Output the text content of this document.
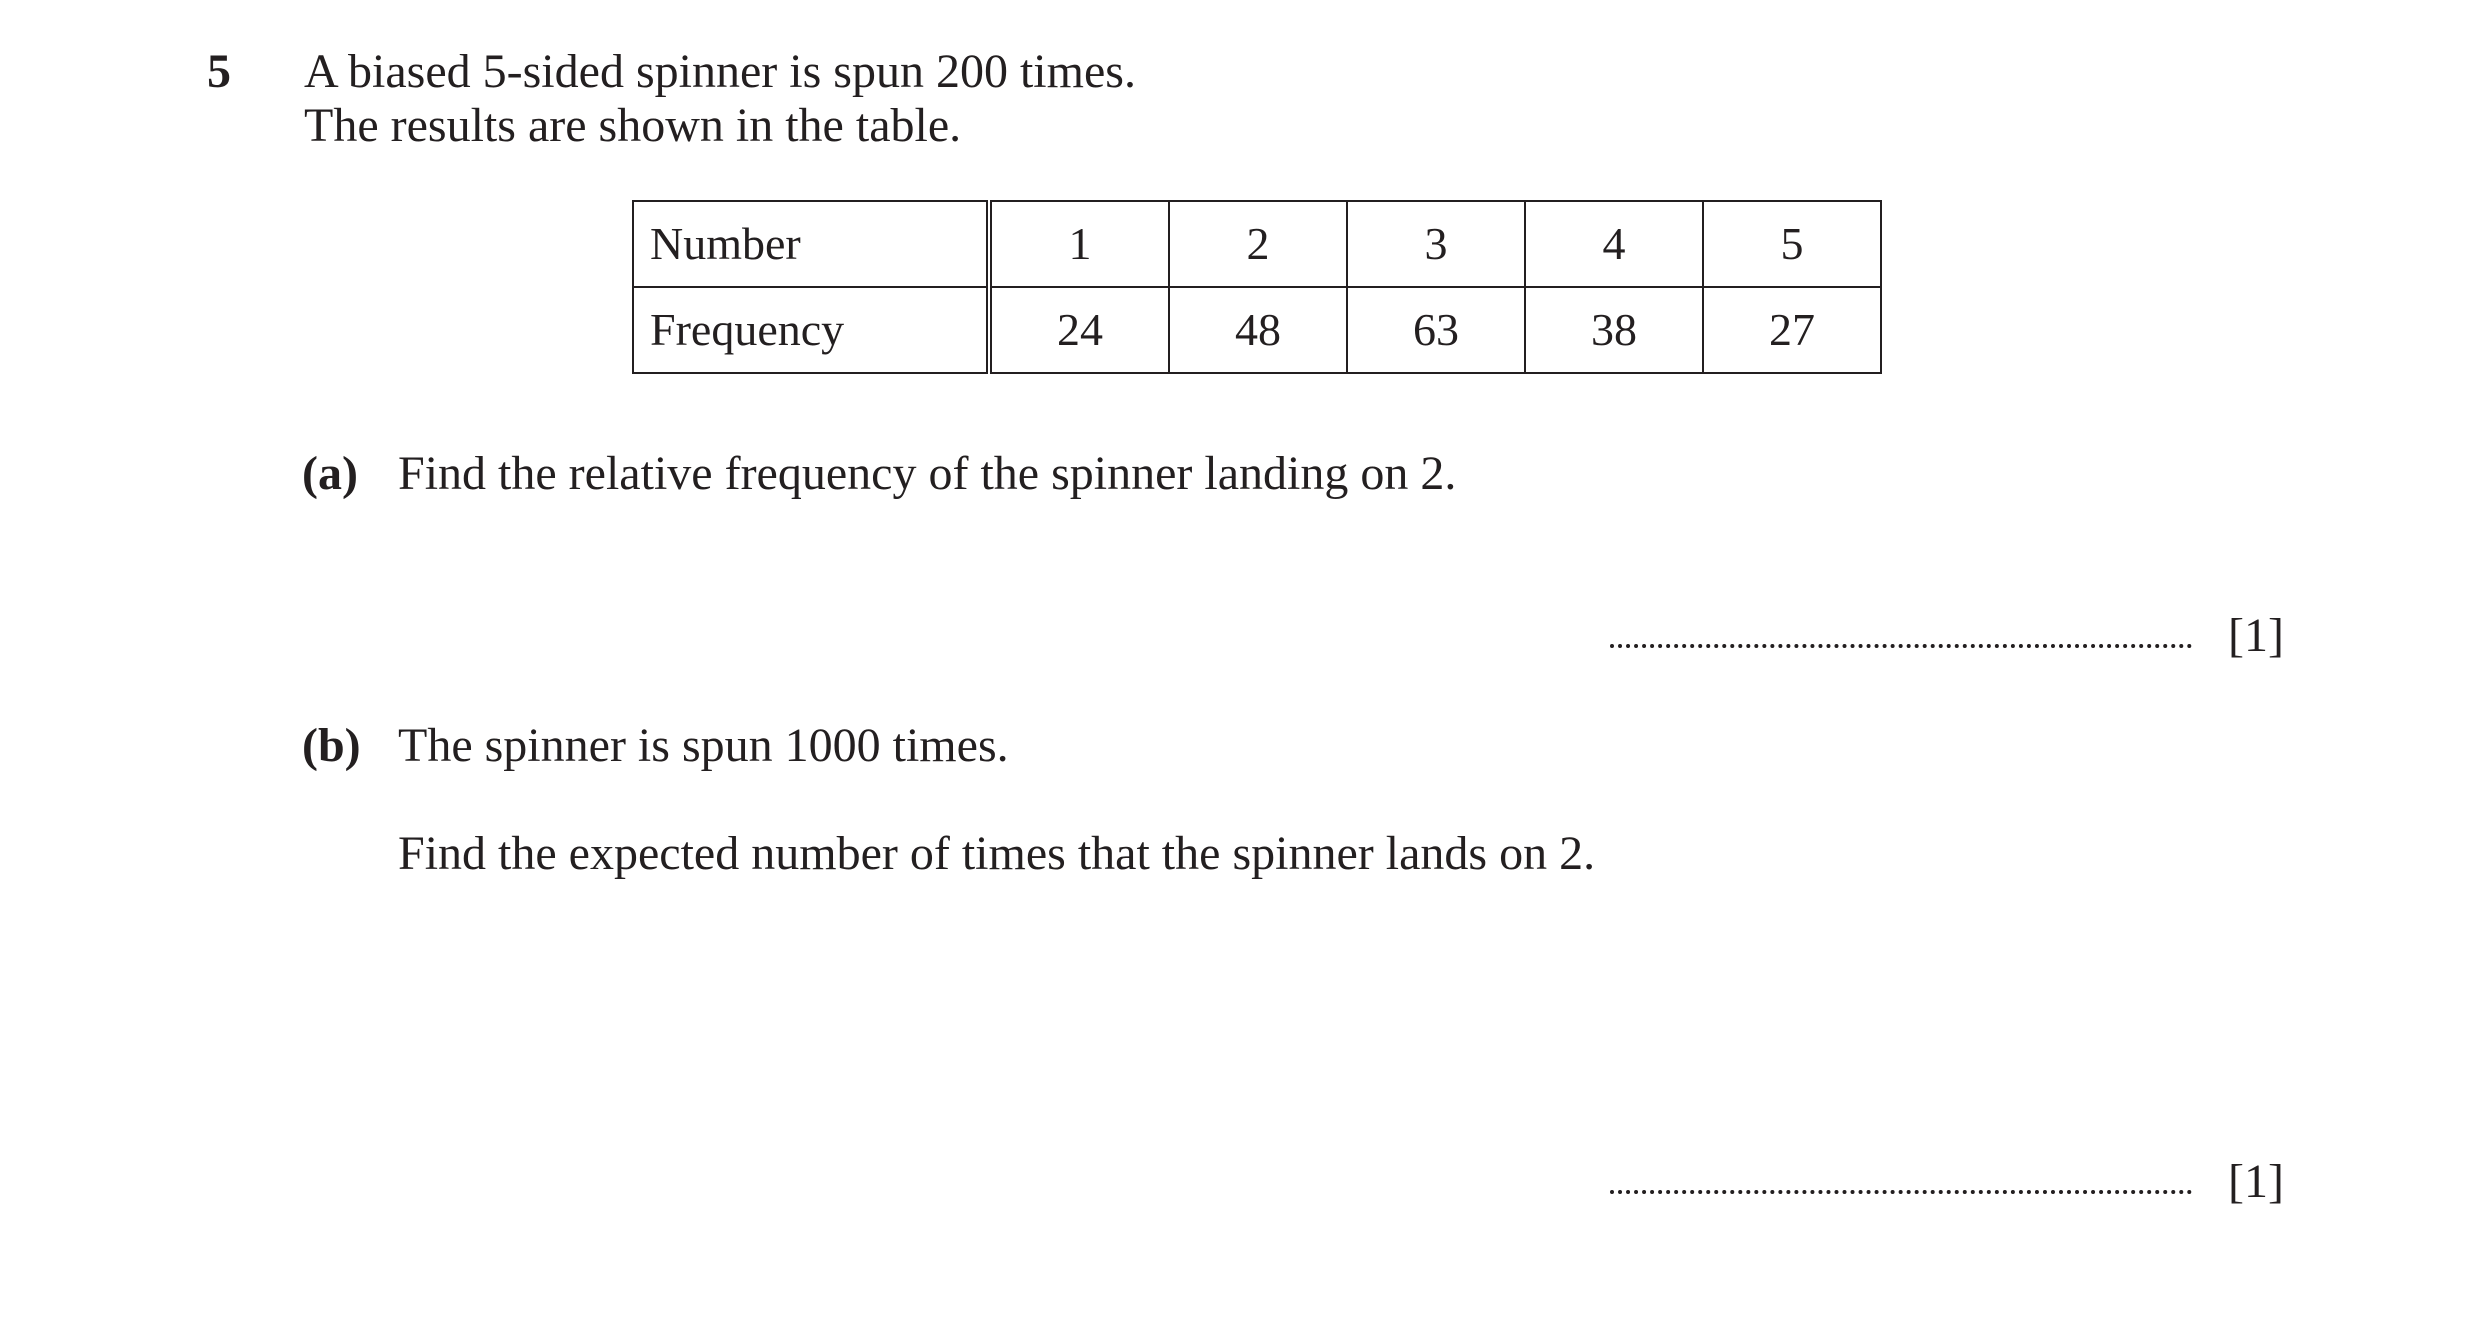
5 A biased 5-sided spinner is spun 200 times.
The results are shown in the table.
Number	1	2	3	4	5
Frequency	24	48	63	38	27
(a) Find the relative frequency of the spinner landing on 2.
[1]
(b) The spinner is spun 1000 times.
Find the expected number of times that the spinner lands on 2.
[1]
